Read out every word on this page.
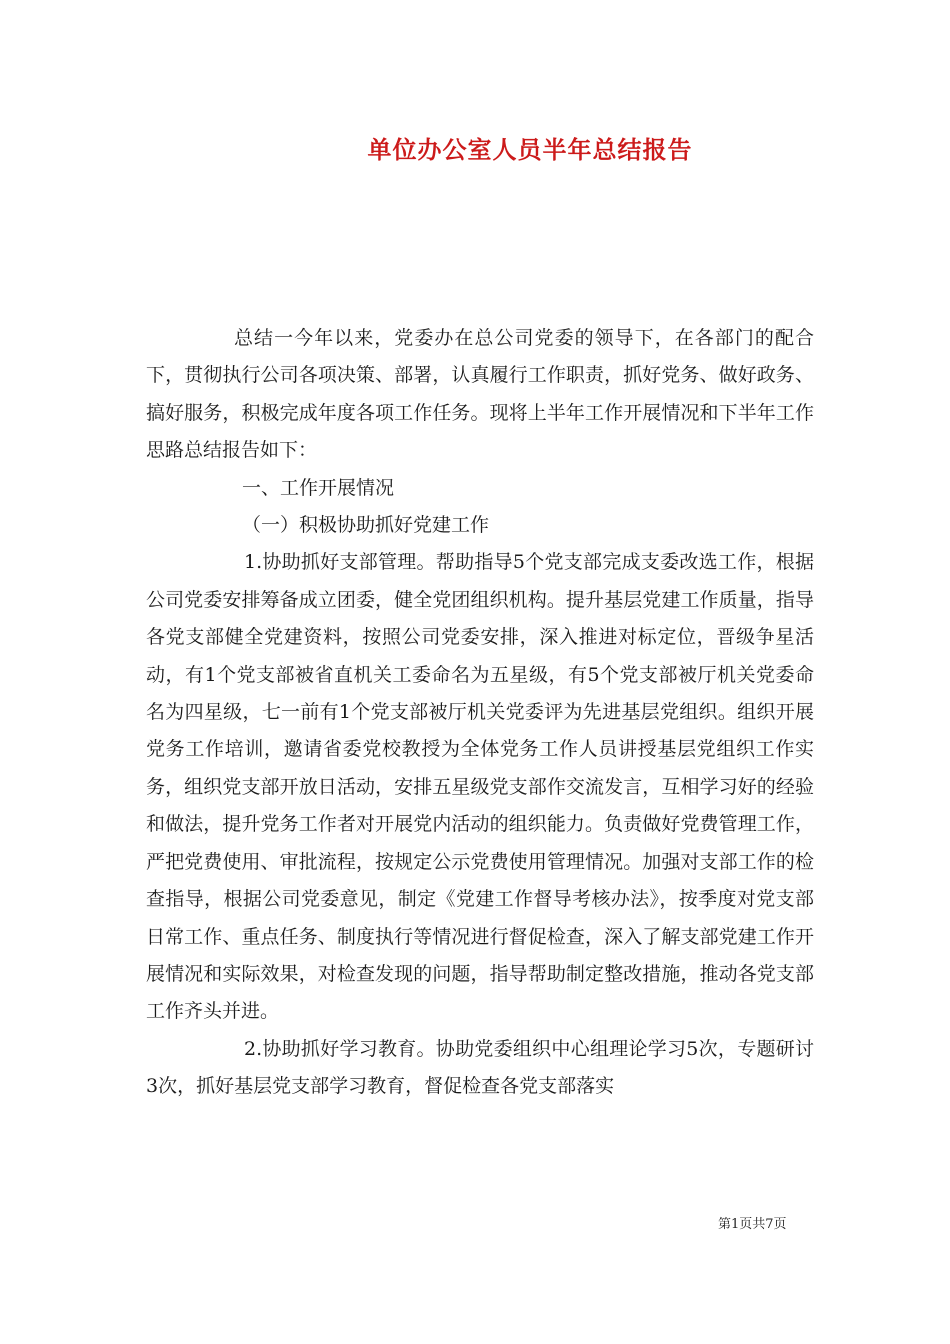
单位办公室人员半年总结报告

总结一今年以来，党委办在总公司党委的领导下，在各部门的配合下，贯彻执行公司各项决策、部署，认真履行工作职责，抓好党务、做好政务、搞好服务，积极完成年度各项工作任务。现将上半年工作开展情况和下半年工作思路总结报告如下：

一、工作开展情况

（一）积极协助抓好党建工作

1.协助抓好支部管理。帮助指导5个党支部完成支委改选工作，根据公司党委安排筹备成立团委，健全党团组织机构。提升基层党建工作质量，指导各党支部健全党建资料，按照公司党委安排，深入推进对标定位，晋级争星活动，有1个党支部被省直机关工委命名为五星级，有5个党支部被厅机关党委命名为四星级，七一前有1个党支部被厅机关党委评为先进基层党组织。组织开展党务工作培训，邀请省委党校教授为全体党务工作人员讲授基层党组织工作实务，组织党支部开放日活动，安排五星级党支部作交流发言，互相学习好的经验和做法，提升党务工作者对开展党内活动的组织能力。负责做好党费管理工作，严把党费使用、审批流程，按规定公示党费使用管理情况。加强对支部工作的检查指导，根据公司党委意见，制定《党建工作督导考核办法》，按季度对党支部日常工作、重点任务、制度执行等情况进行督促检查，深入了解支部党建工作开展情况和实际效果，对检查发现的问题，指导帮助制定整改措施，推动各党支部工作齐头并进。

2.协助抓好学习教育。协助党委组织中心组理论学习5次，专题研讨3次，抓好基层党支部学习教育，督促检查各党支部落实

第1页共7页
